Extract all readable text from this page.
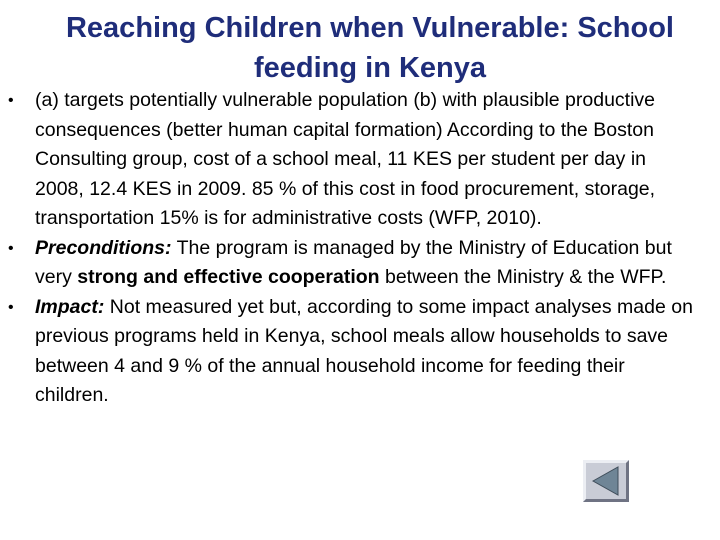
Reaching Children when Vulnerable: School
feeding in Kenya
•
(a) targets potentially vulnerable population (b) with plausible productive consequences (better human capital formation) According to the Boston Consulting group, cost of a school meal, 11 KES per student per day in 2008, 12.4 KES in 2009. 85 % of this cost in food procurement, storage, transportation 15% is for administrative costs (WFP, 2010).
•
Preconditions: The program is managed by the Ministry of Education but very strong and effective cooperation between the Ministry & the WFP.
•
Impact: Not measured yet but, according to some impact analyses made on previous programs held in Kenya, school meals allow households to save between 4 and 9 % of the annual household income for feeding their children.
